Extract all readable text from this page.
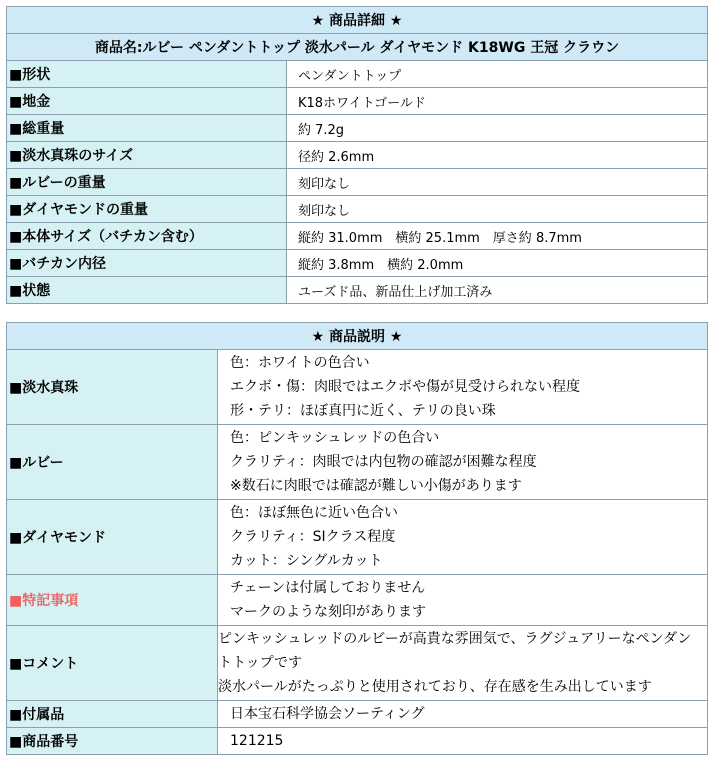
★ 商品詳細 ★	
商品名:ルビー ペンダントトップ 淡水パール ダイヤモンド K18WG 王冠 クラウン	
■形状	ペンダントトップ
■地金	K18ホワイトゴールド
■総重量	約 7.2g
■淡水真珠のサイズ	径約 2.6mm
■ルビーの重量	刻印なし
■ダイヤモンドの重量	刻印なし
■本体サイズ（バチカン含む）	縦約 31.0mm　横約 25.1mm　厚さ約 8.7mm
■バチカン内径	縦約 3.8mm　横約 2.0mm
■状態	ユーズド品、新品仕上げ加工済み
★ 商品説明 ★	
■淡水真珠	色：ホワイトの色合い
エクボ・傷：肉眼ではエクボや傷が見受けられない程度
形・テリ：ほぼ真円に近く、テリの良い珠

■ルビー	色：ピンキッシュレッドの色合い
クラリティ：肉眼では内包物の確認が困難な程度
※数石に肉眼では確認が難しい小傷があります

■ダイヤモンド	色：ほぼ無色に近い色合い
クラリティ：SIクラス程度
カット：シングルカット

■特記事項	チェーンは付属しておりません
マークのような刻印があります

■コメント	ピンキッシュレッドのルビーが高貴な雰囲気で、ラグジュアリーなペンダン
トトップです
淡水パールがたっぷりと使用されており、存在感を生み出しています

■付属品	日本宝石科学協会ソーティング

■商品番号	121215
